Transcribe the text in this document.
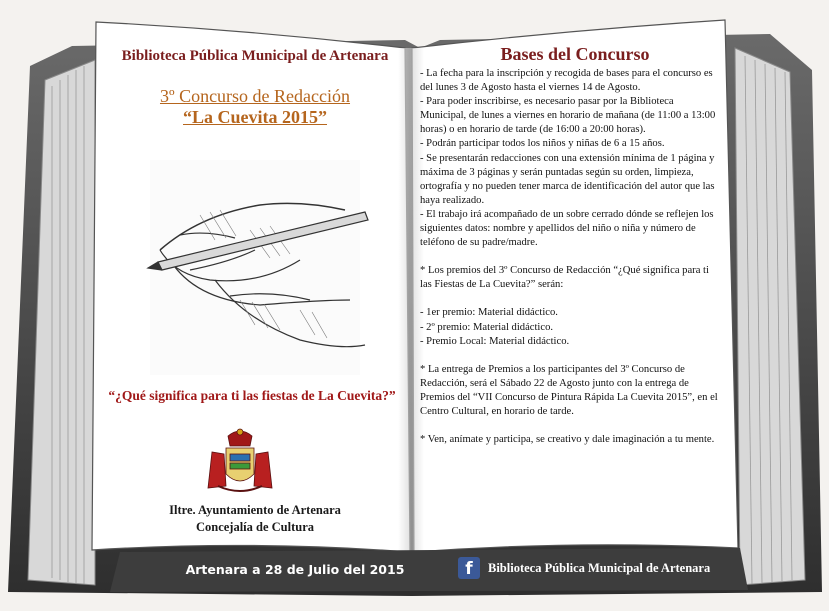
Biblioteca Pública Municipal de Artenara
3º Concurso de Redacción
“La Cuevita 2015”
“¿Qué significa para ti las fiestas de La Cuevita?”
Iltre. Ayuntamiento de Artenara
Concejalía de Cultura
Bases del Concurso

- La fecha para la inscripción y recogida de bases para el concurso es del lunes 3 de Agosto hasta el viernes 14 de Agosto.

- Para poder inscribirse, es necesario pasar por la Biblioteca Municipal, de lunes a viernes en horario de mañana (de 11:00 a 13:00 horas) o en horario de tarde (de 16:00 a 20:00 horas).

- Podrán participar todos los niños y niñas de 6 a 15 años.

- Se presentarán redacciones con una extensión mínima de 1 página y máxima de 3 páginas y serán puntadas según su orden, limpieza, ortografía y no pueden tener marca de identificación del autor que las haya realizado.

- El trabajo irá acompañado de un sobre cerrado dónde se reflejen los siguientes datos: nombre y apellidos del niño o niña y número de teléfono de su padre/madre.

* Los premios del 3º Concurso de Redacción “¿Qué significa para ti las Fiestas de La Cuevita?” serán:

- 1er premio: Material didáctico.

- 2º premio: Material didáctico.

- Premio Local: Material didáctico.

* La entrega de Premios a los participantes del 3º Concurso de Redacción, será el Sábado 22 de Agosto junto con la entrega de Premios del “VII Concurso de Pintura Rápida La Cuevita 2015”, en el Centro Cultural, en horario de tarde.

* Ven, anímate y participa, se creativo y dale imaginación a tu mente.

Artenara a 28 de Julio del 2015	f	Biblioteca Pública Municipal de Artenara
